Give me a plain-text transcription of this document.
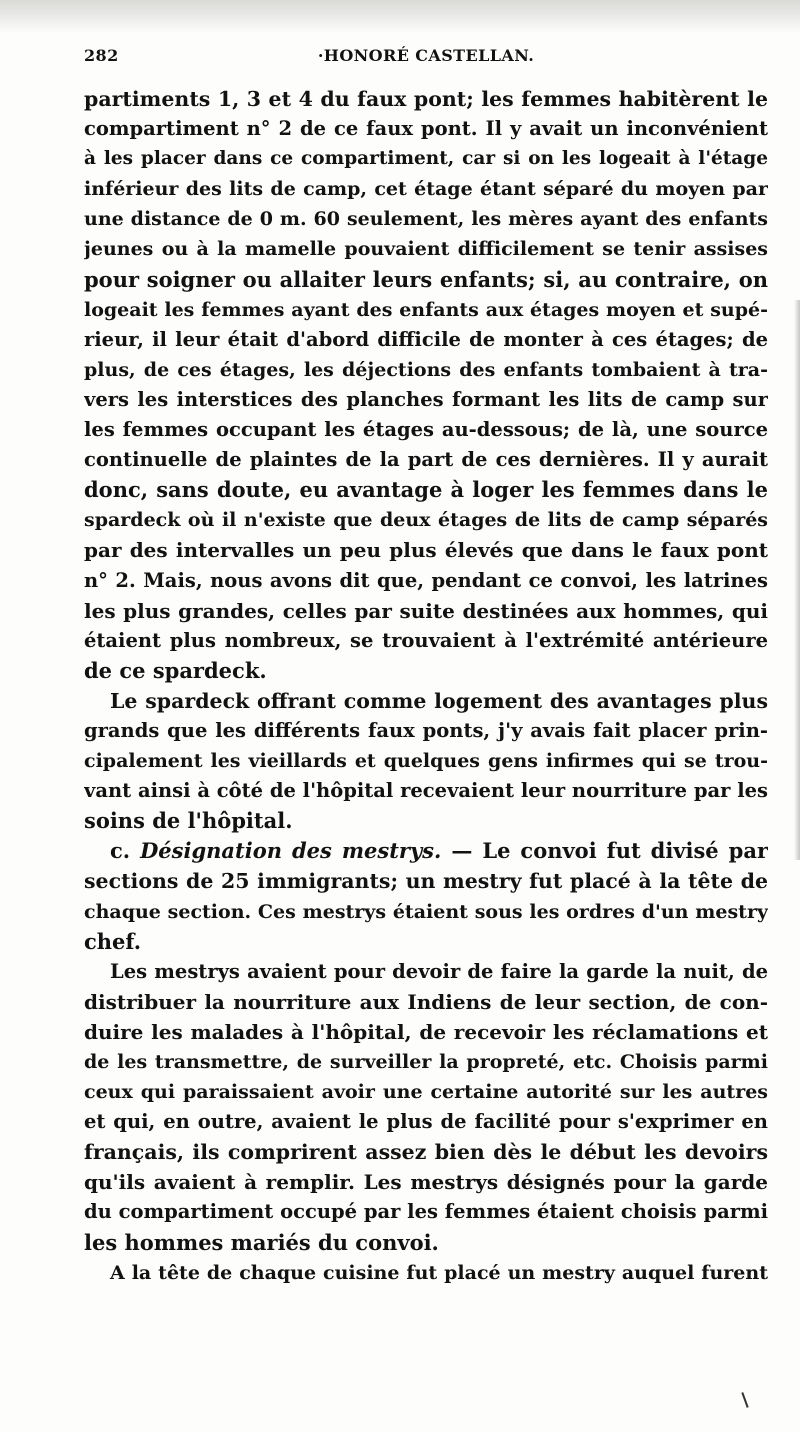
282	·HONORÉ CASTELLAN.
partiments 1, 3 et 4 du faux pont; les femmes habitèrent le
compartiment n° 2 de ce faux pont. Il y avait un inconvénient
à les placer dans ce compartiment, car si on les logeait à l'étage
inférieur des lits de camp, cet étage étant séparé du moyen par
une distance de 0 m. 60 seulement, les mères ayant des enfants
jeunes ou à la mamelle pouvaient difficilement se tenir assises
pour soigner ou allaiter leurs enfants; si, au contraire, on
logeait les femmes ayant des enfants aux étages moyen et supé-
rieur, il leur était d'abord difficile de monter à ces étages; de
plus, de ces étages, les déjections des enfants tombaient à tra-
vers les interstices des planches formant les lits de camp sur
les femmes occupant les étages au-dessous; de là, une source
continuelle de plaintes de la part de ces dernières. Il y aurait
donc, sans doute, eu avantage à loger les femmes dans le
spardeck où il n'existe que deux étages de lits de camp séparés
par des intervalles un peu plus élevés que dans le faux pont
n° 2. Mais, nous avons dit que, pendant ce convoi, les latrines
les plus grandes, celles par suite destinées aux hommes, qui
étaient plus nombreux, se trouvaient à l'extrémité antérieure
de ce spardeck.
Le spardeck offrant comme logement des avantages plus
grands que les différents faux ponts, j'y avais fait placer prin-
cipalement les vieillards et quelques gens infirmes qui se trou-
vant ainsi à côté de l'hôpital recevaient leur nourriture par les
soins de l'hôpital.
c. Désignation des mestrys. — Le convoi fut divisé par
sections de 25 immigrants; un mestry fut placé à la tête de
chaque section. Ces mestrys étaient sous les ordres d'un mestry
chef.
Les mestrys avaient pour devoir de faire la garde la nuit, de
distribuer la nourriture aux Indiens de leur section, de con-
duire les malades à l'hôpital, de recevoir les réclamations et
de les transmettre, de surveiller la propreté, etc. Choisis parmi
ceux qui paraissaient avoir une certaine autorité sur les autres
et qui, en outre, avaient le plus de facilité pour s'exprimer en
français, ils comprirent assez bien dès le début les devoirs
qu'ils avaient à remplir. Les mestrys désignés pour la garde
du compartiment occupé par les femmes étaient choisis parmi
les hommes mariés du convoi.
A la tête de chaque cuisine fut placé un mestry auquel furent
